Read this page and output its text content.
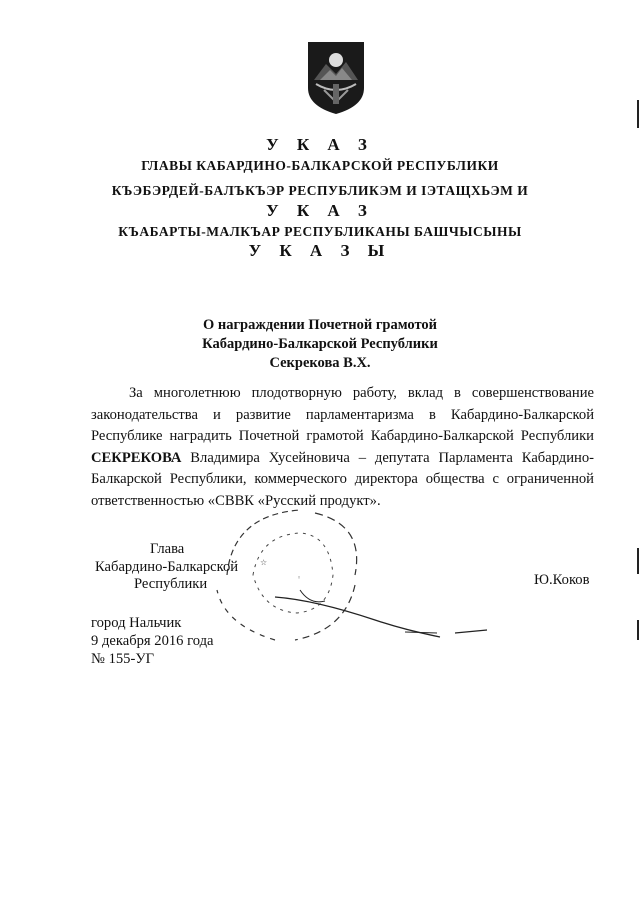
У К А З
ГЛАВЫ КАБАРДИНО-БАЛКАРСКОЙ РЕСПУБЛИКИ
КЪЭБЭРДЕЙ-БАЛЪКЪЭР РЕСПУБЛИКЭМ И IЭТАЩХЬЭМ И
У К А З
КЪАБАРТЫ-МАЛКЪАР РЕСПУБЛИКАНЫ БАШЧЫСЫНЫ
У К А З Ы
О награждении Почетной грамотой
Кабардино-Балкарской Республики
Секрекова В.Х.

За многолетнюю плодотворную работу, вклад в совершенствование законодательства и развитие парламентаризма в Кабардино-Балкарской Республике наградить Почетной грамотой Кабардино-Балкарской Республики СЕКРЕКОВА Владимира Хусейновича – депутата Парламента Кабардино-Балкарской Республики, коммерческого директора общества с ограниченной ответственностью «СВВК «Русский продукт».

☆
◦
Глава
Кабардино-Балкарской
Республики	Ю.Коков
город Нальчик
9 декабря 2016 года
№ 155-УГ
